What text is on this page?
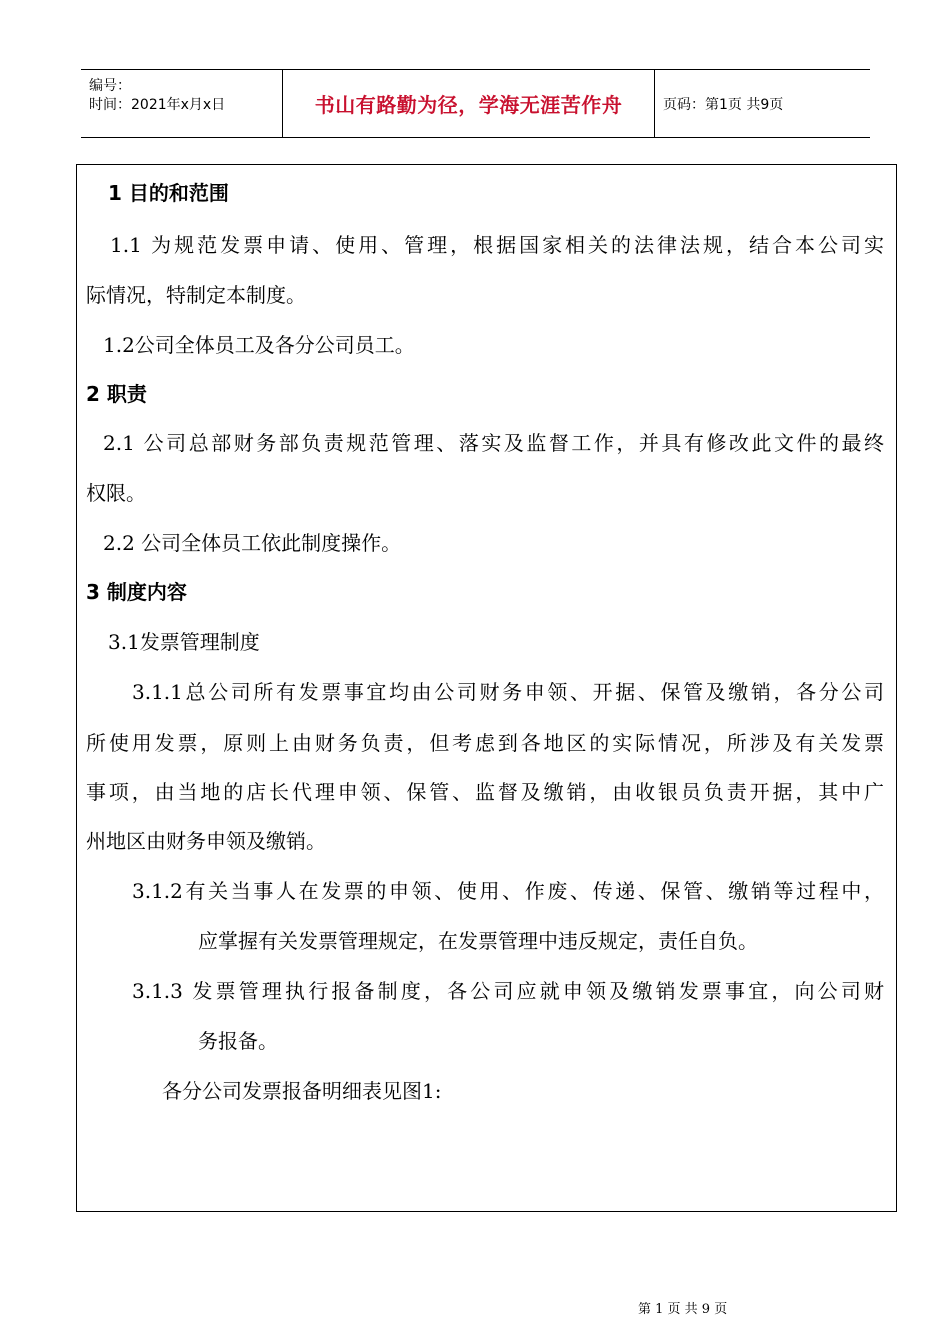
编号：
时间：2021年x月x日	书山有路勤为径，学海无涯苦作舟	页码：第1页 共9页
1 目的和范围
1.1 为规范发票申请、使用、管理，根据国家相关的法律法规，结合本公司实
际情况，特制定本制度。
1.2公司全体员工及各分公司员工。
2 职责
2.1 公司总部财务部负责规范管理、落实及监督工作，并具有修改此文件的最终
权限。
2.2 公司全体员工依此制度操作。
3 制度内容
3.1发票管理制度
3.1.1总公司所有发票事宜均由公司财务申领、开据、保管及缴销，各分公司
所使用发票，原则上由财务负责，但考虑到各地区的实际情况，所涉及有关发票
事项，由当地的店长代理申领、保管、监督及缴销，由收银员负责开据，其中广
州地区由财务申领及缴销。
3.1.2有关当事人在发票的申领、使用、作废、传递、保管、缴销等过程中，
应掌握有关发票管理规定，在发票管理中违反规定，责任自负。
3.1.3 发票管理执行报备制度，各公司应就申领及缴销发票事宜，向公司财
务报备。
各分公司发票报备明细表见图1:
第 1 页 共 9 页
